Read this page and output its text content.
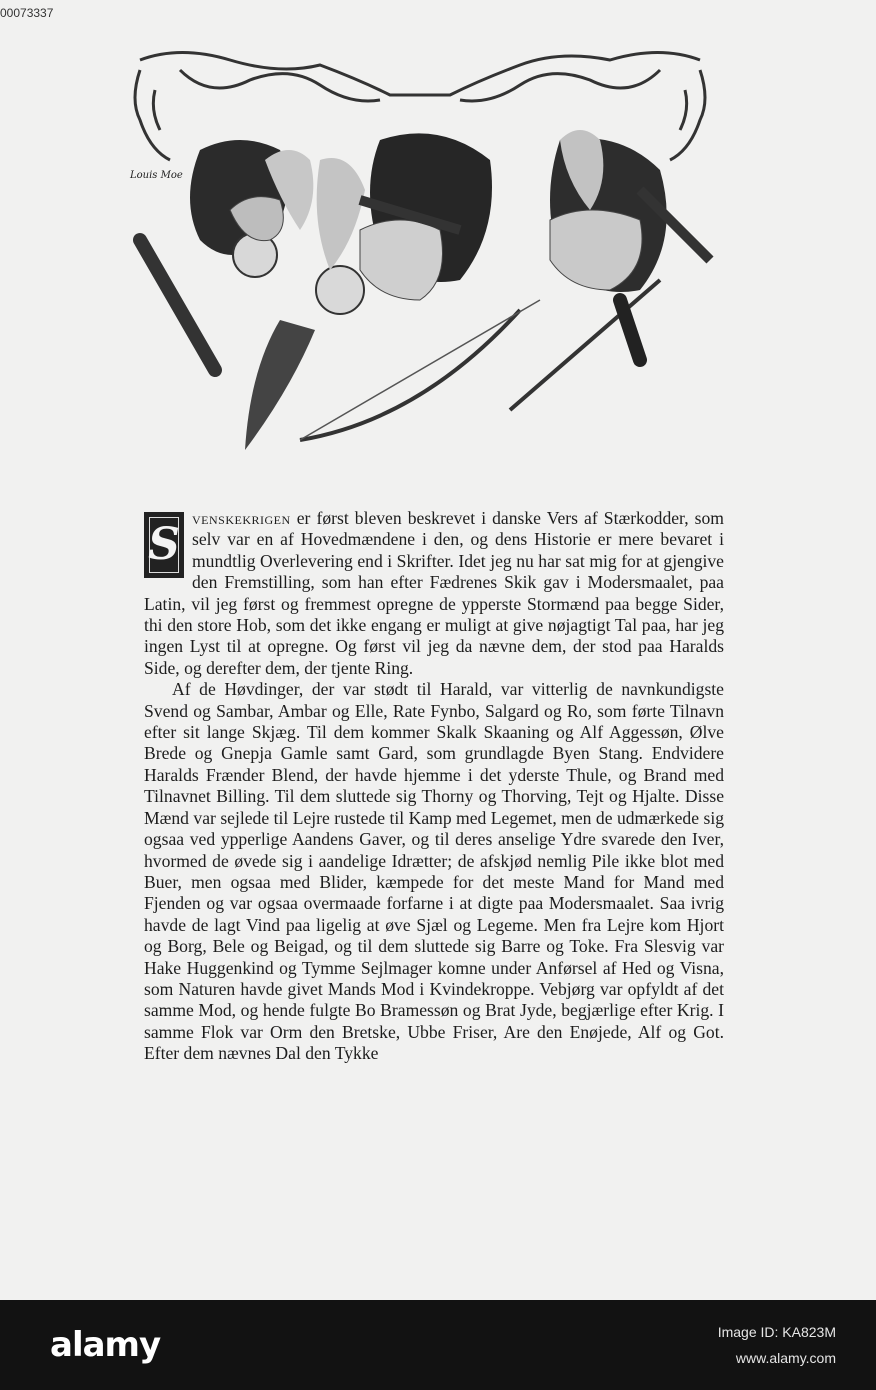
00073337
Louis Moe

S
venskekrigen er først bleven beskrevet i danske Vers af Stærkodder, som selv var en af Hovedmændene i den, og dens Historie er mere bevaret i mundtlig Overlevering end i Skrifter. Idet jeg nu har sat mig for at gjengive den Fremstilling, som han efter Fædrenes Skik gav i Modersmaalet, paa Latin, vil jeg først og fremmest opregne de ypperste Stormænd paa begge Sider, thi den store Hob, som det ikke engang er muligt at give nøjagtigt Tal paa, har jeg ingen Lyst til at opregne. Og først vil jeg da nævne dem, der stod paa Haralds Side, og derefter dem, der tjente Ring.

Af de Høvdinger, der var stødt til Harald, var vitterlig de navnkundigste Svend og Sambar, Ambar og Elle, Rate Fynbo, Salgard og Ro, som førte Tilnavn efter sit lange Skjæg. Til dem kommer Skalk Skaaning og Alf Aggessøn, Ølve Brede og Gnepja Gamle samt Gard, som grundlagde Byen Stang. Endvidere Haralds Frænder Blend, der havde hjemme i det yderste Thule, og Brand med Tilnavnet Billing. Til dem sluttede sig Thorny og Thorving, Tejt og Hjalte. Disse Mænd var sejlede til Lejre rustede til Kamp med Legemet, men de udmærkede sig ogsaa ved ypperlige Aandens Gaver, og til deres anselige Ydre svarede den Iver, hvormed de øvede sig i aandelige Idrætter; de afskjød nemlig Pile ikke blot med Buer, men ogsaa med Blider, kæmpede for det meste Mand for Mand med Fjenden og var ogsaa overmaade forfarne i at digte paa Modersmaalet. Saa ivrig havde de lagt Vind paa ligelig at øve Sjæl og Legeme. Men fra Lejre kom Hjort og Borg, Bele og Beigad, og til dem sluttede sig Barre og Toke. Fra Slesvig var Hake Huggenkind og Tymme Sejlmager komne under Anførsel af Hed og Visna, som Naturen havde givet Mands Mod i Kvindekroppe. Vebjørg var opfyldt af det samme Mod, og hende fulgte Bo Bramessøn og Brat Jyde, begjærlige efter Krig. I samme Flok var Orm den Bretske, Ubbe Friser, Are den Enøjede, Alf og Got. Efter dem nævnes Dal den Tykke

alamy	Image ID: KA823M
www.alamy.com
